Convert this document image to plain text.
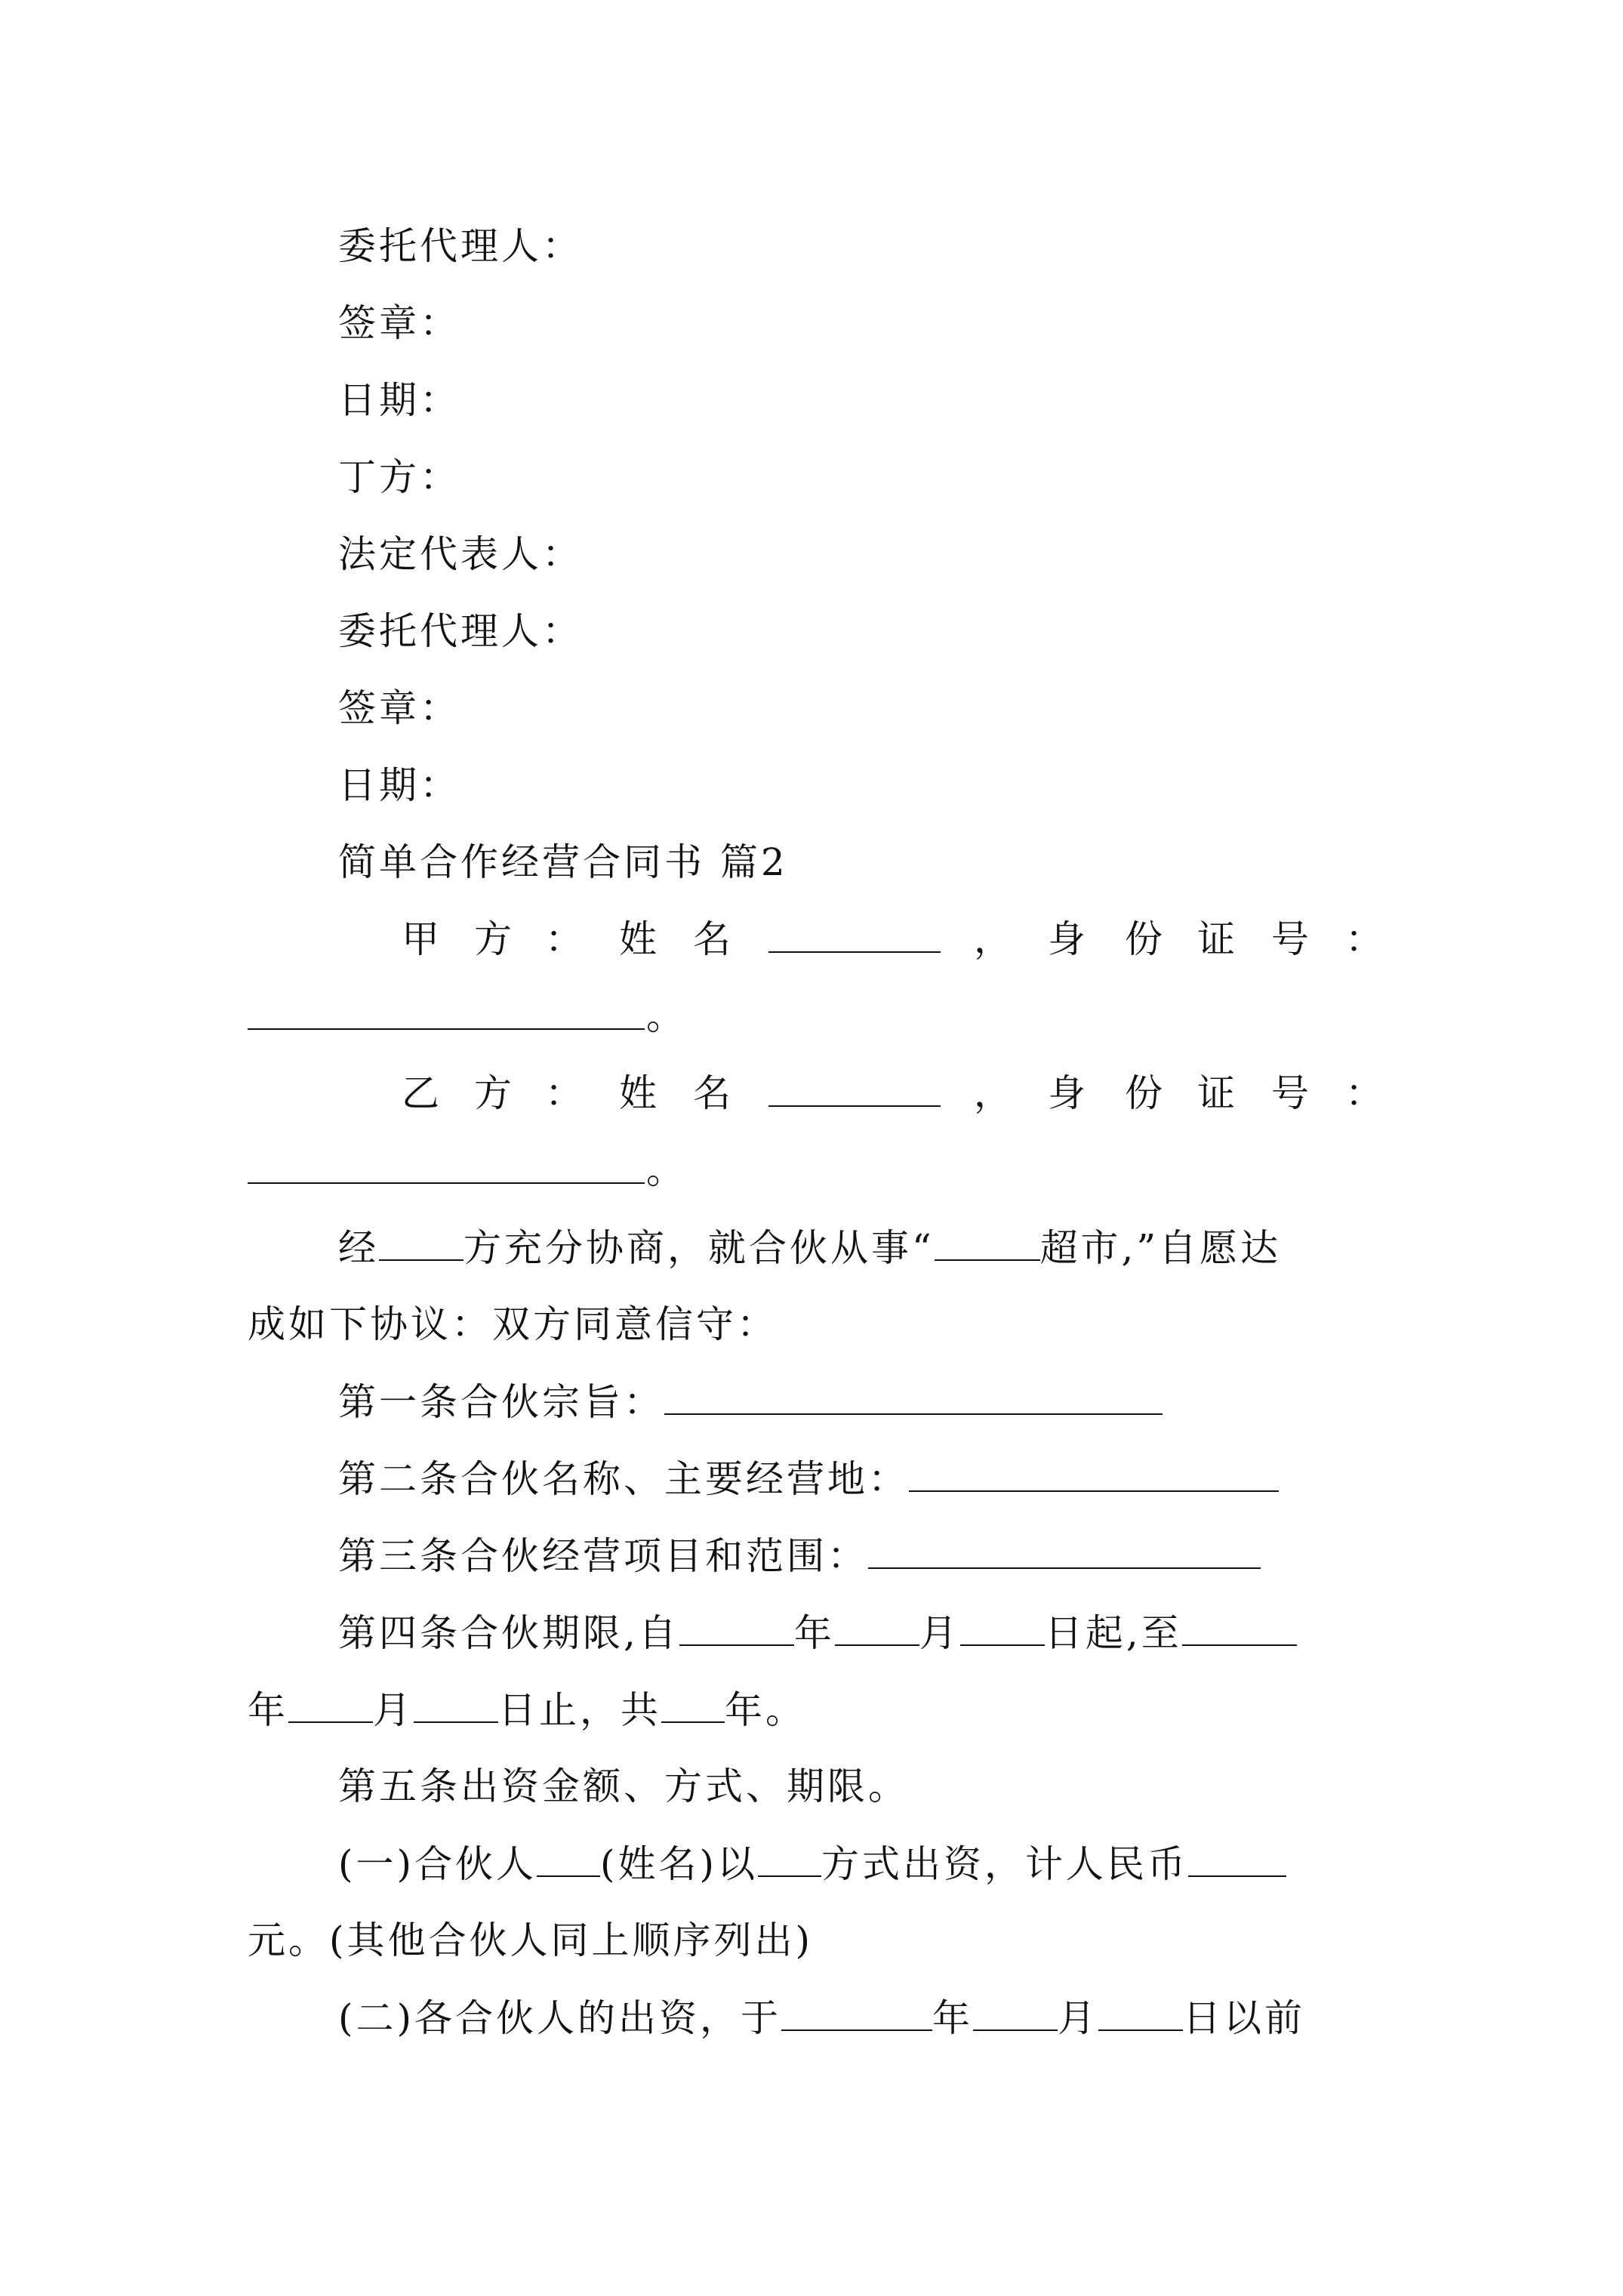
委托代理人：
签章：
日期：
丁方：
法定代表人：
委托代理人：
签章：
日期：
简单合作经营合同书 篇2

甲

方

：

姓

名

	，

身

份

证

号

：

。

乙

方

：

姓

名

	，

身

份

证

号

：

。

经 方充分协商，就合伙从事“	超市,”自愿达
成如下协议：双方同意信守：
第一条合伙宗旨：
第二条合伙名称、主要经营地：
第三条合伙经营项目和范围：
第四条合伙期限,自	年 月 日起,至
年 月 日止，共 年。
第五条出资金额、方式、期限。
(一)合伙人 (姓名)以 方式出资，计人民币
元。(其他合伙人同上顺序列出)
(二)各合伙人的出资，于	年 月 日以前
